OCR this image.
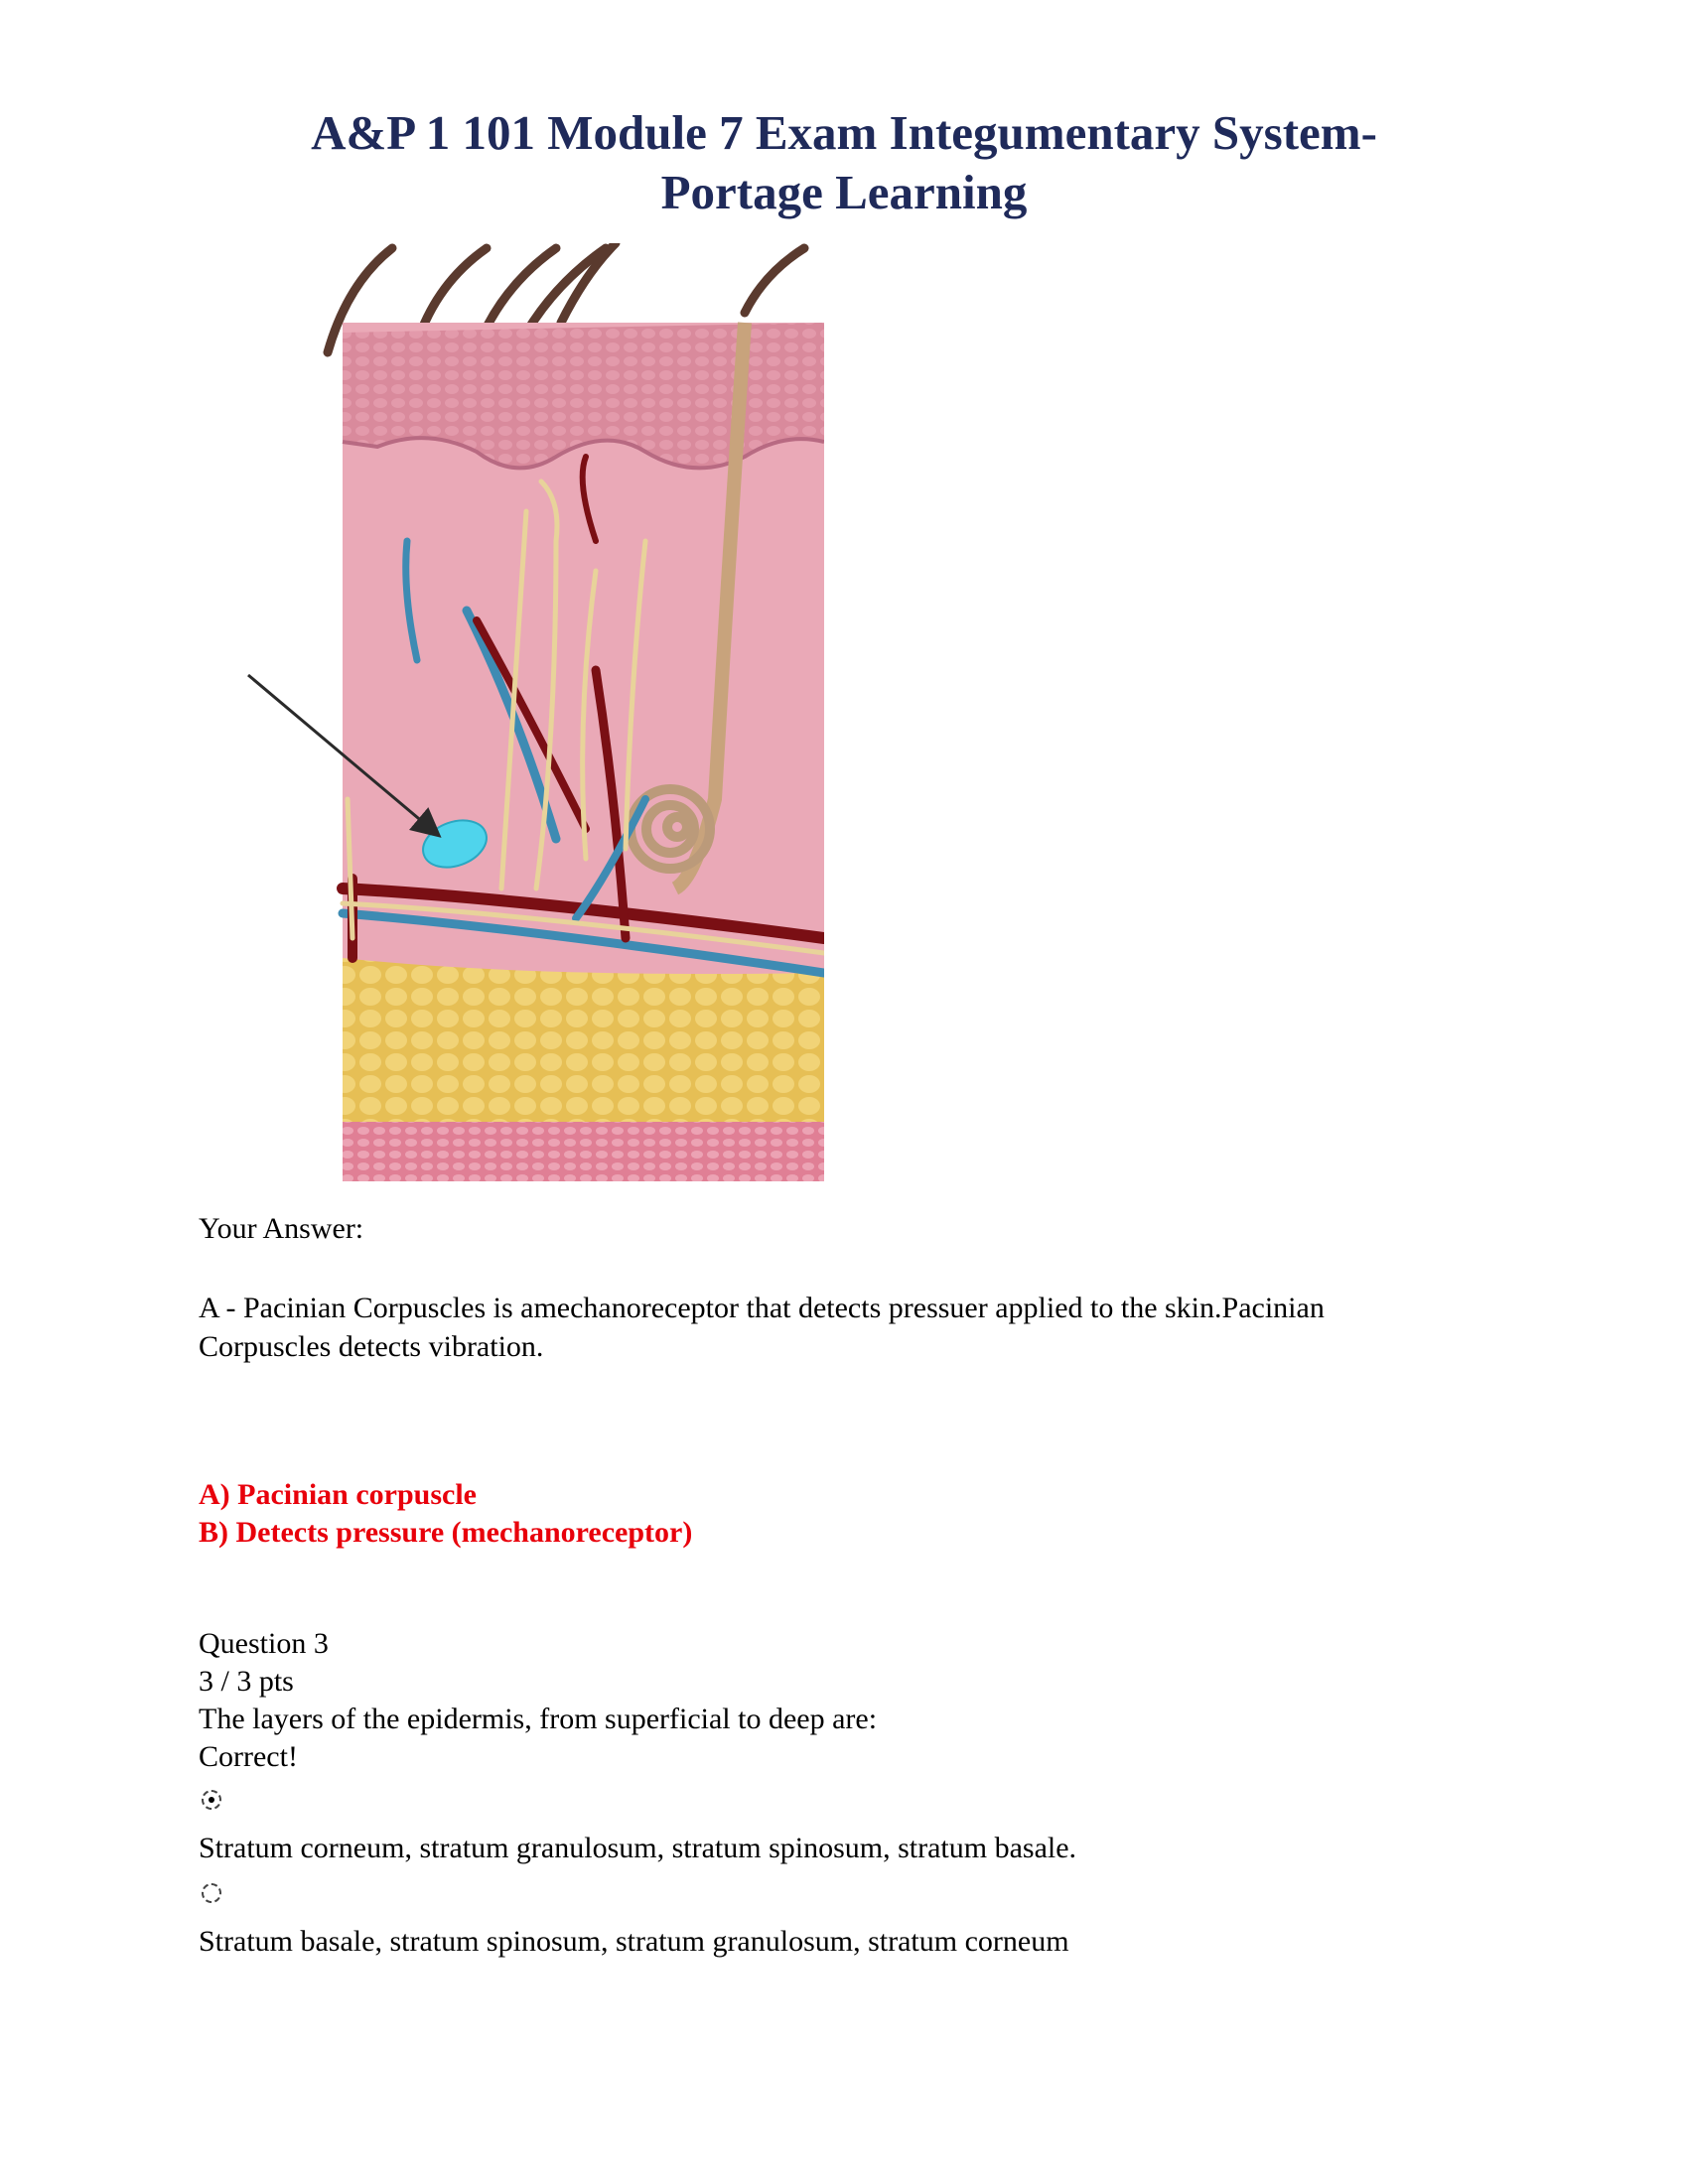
A&P 1 101 Module 7 Exam Integumentary System-
Portage Learning
Your Answer:
A - Pacinian Corpuscles is amechanoreceptor that detects pressuer applied to the skin.Pacinian
Corpuscles detects vibration.
A) Pacinian corpuscle
B) Detects pressure (mechanoreceptor)
Question 3
3 / 3 pts
The layers of the epidermis, from superficial to deep are:
Correct!
Stratum corneum, stratum granulosum, stratum spinosum, stratum basale.
Stratum basale, stratum spinosum, stratum granulosum, stratum corneum
